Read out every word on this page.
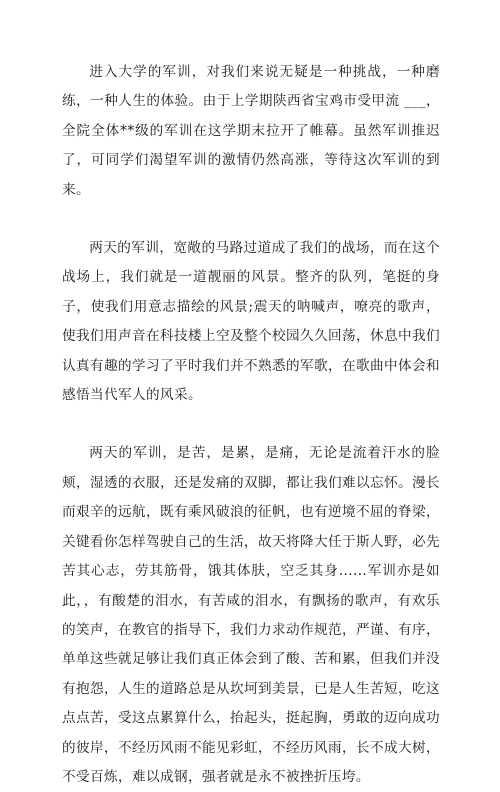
进入大学的军训，对我们来说无疑是一种挑战，一种磨练，一种人生的体验。由于上学期陕西省宝鸡市受甲流 ___，全院全体**级的军训在这学期末拉开了帷幕。虽然军训推迟了，可同学们渴望军训的激情仍然高涨，等待这次军训的到来。

两天的军训，宽敞的马路过道成了我们的战场，而在这个战场上，我们就是一道靓丽的风景。整齐的队列，笔挺的身子，使我们用意志描绘的风景;震天的呐喊声，嘹亮的歌声，使我们用声音在科技楼上空及整个校园久久回荡，休息中我们认真有趣的学习了平时我们并不熟悉的军歌，在歌曲中体会和感悟当代军人的风采。

两天的军训，是苦，是累，是痛，无论是流着汗水的脸颊，湿透的衣服，还是发痛的双脚，都让我们难以忘怀。漫长而艰辛的远航，既有乘风破浪的征帆，也有逆境不屈的脊梁，关键看你怎样驾驶自己的生活，故天将降大任于斯人野，必先苦其心志，劳其筋骨，饿其体肤，空乏其身......军训亦是如此，，有酸楚的泪水，有苦咸的泪水，有飘扬的歌声，有欢乐的笑声，在教官的指导下，我们力求动作规范，严谨、有序，单单这些就足够让我们真正体会到了酸、苦和累，但我们并没有抱怨，人生的道路总是从坎坷到美景，已是人生苦短，吃这点点苦，受这点累算什么，抬起头，挺起胸，勇敢的迈向成功的彼岸，不经历风雨不能见彩虹，不经历风雨，长不成大树，不受百炼，难以成钢，强者就是永不被挫折压垮。
